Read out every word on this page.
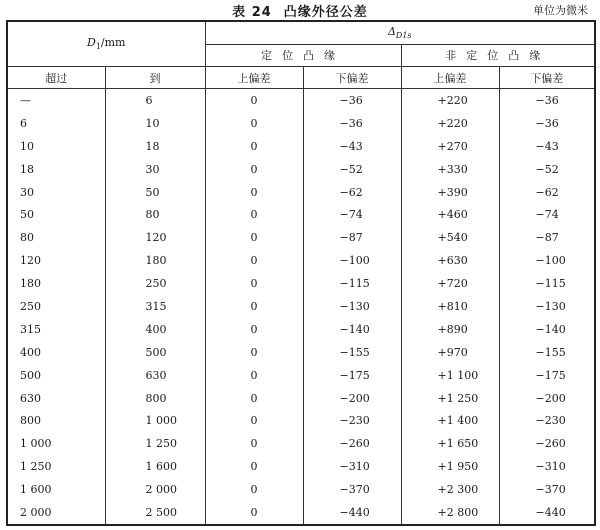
表 24 凸缘外径公差	单位为微米
$D_1/mm$		$\Delta_{D1s}$
		定位凸缘		非定位凸缘	
超过	到	上偏差	下偏差	上偏差	下偏差
—	6	0	−36	+220	−36
6	10	0	−36	+220	−36
10	18	0	−43	+270	−43
18	30	0	−52	+330	−52
30	50	0	−62	+390	−62
50	80	0	−74	+460	−74
80	120	0	−87	+540	−87
120	180	0	−100	+630	−100
180	250	0	−115	+720	−115
250	315	0	−130	+810	−130
315	400	0	−140	+890	−140
400	500	0	−155	+970	−155
500	630	0	−175	+1 100	−175
630	800	0	−200	+1 250	−200
800	1 000	0	−230	+1 400	−230
1 000	1 250	0	−260	+1 650	−260
1 250	1 600	0	−310	+1 950	−310
1 600	2 000	0	−370	+2 300	−370
2 000	2 500	0	−440	+2 800	−440
